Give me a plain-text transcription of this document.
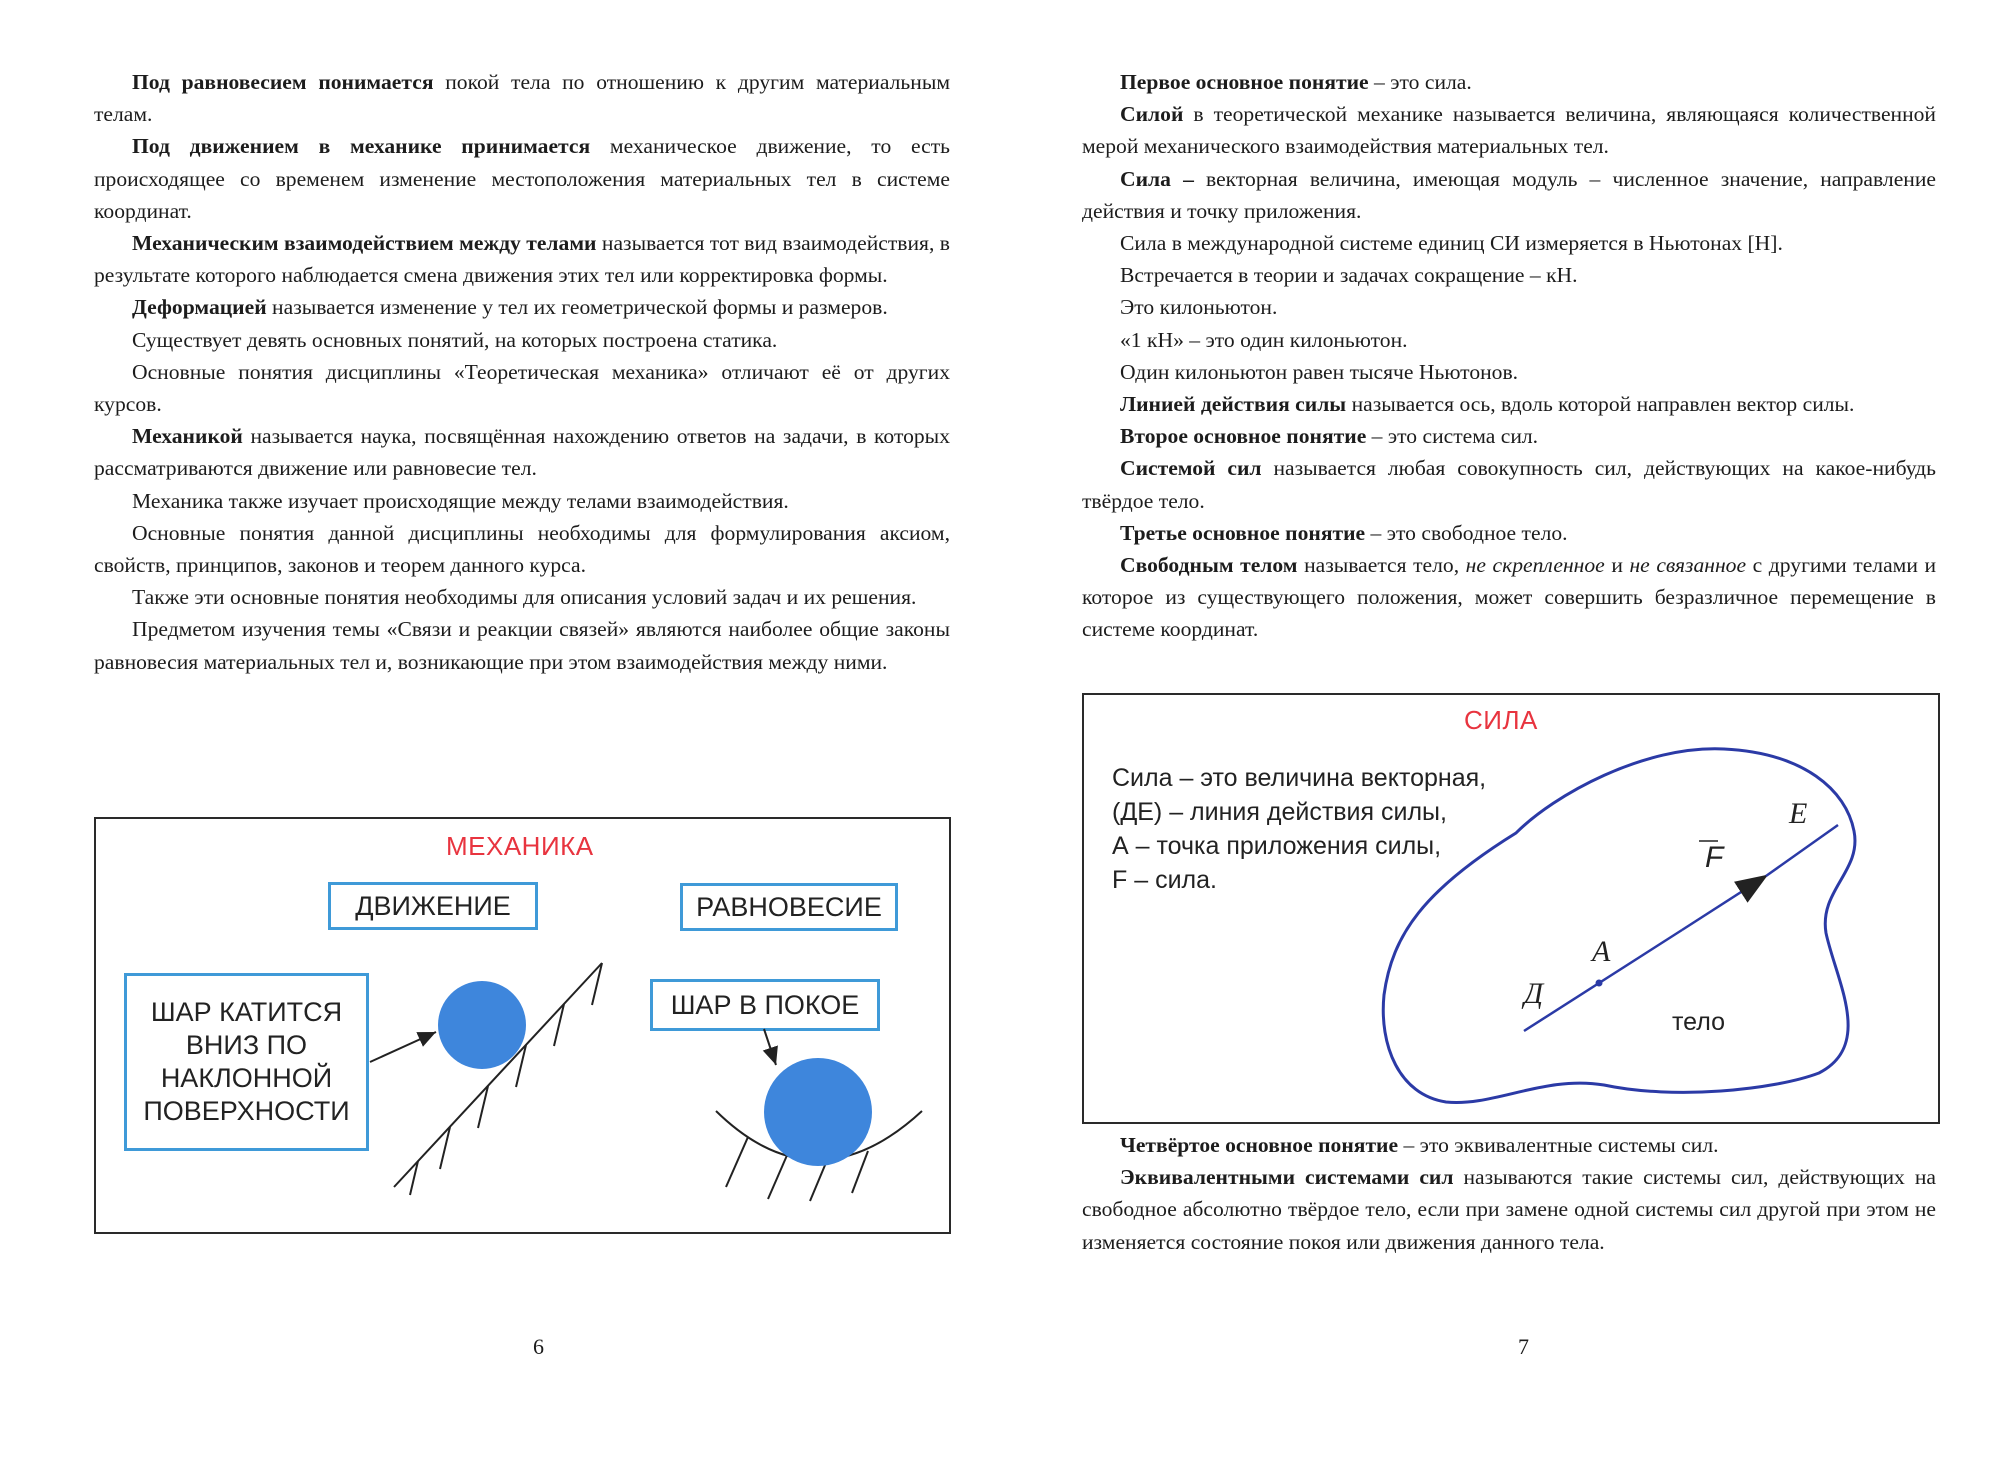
Под равновесием понимается покой тела по отношению к другим материальным телам.

Под движением в механике принимается механическое движение, то есть происходящее со временем изменение местоположения материальных тел в системе координат.

Механическим взаимодействием между телами называется тот вид взаимодействия, в результате которого наблюдается смена движения этих тел или корректировка формы.

Деформацией называется изменение у тел их геометрической формы и размеров.

Существует девять основных понятий, на которых построена статика.

Основные понятия дисциплины «Теоретическая механика» отличают её от других курсов.

Механикой называется наука, посвящённая нахождению ответов на задачи, в которых рассматриваются движение или равновесие тел.

Механика также изучает происходящие между телами взаимодействия.

Основные понятия данной дисциплины необходимы для формулирования аксиом, свойств, принципов, законов и теорем данного курса.

Также эти основные понятия необходимы для описания условий задач и их решения.

Предметом изучения темы «Связи и реакции связей» являются наиболее общие законы равновесия материальных тел и, возникающие при этом взаимодействия между ними.

МЕХАНИКА
ДВИЖЕНИЕ	РАВНОВЕСИЕ
ШАР КАТИТСЯ ВНИЗ ПО НАКЛОННОЙ ПОВЕРХНОСТИ
ШАР В ПОКОЕ
6

Первое основное понятие – это сила.

Силой в теоретической механике называется величина, являющаяся количественной мерой механического взаимодействия материальных тел.

Сила – векторная величина, имеющая модуль – численное значение, направление действия и точку приложения.

Сила в международной системе единиц СИ измеряется в Ньютонах [Н].

Встречается в теории и задачах сокращение – кН.

Это килоньютон.

«1 кН» – это один килоньютон.

Один килоньютон равен тысяче Ньютонов.

Линией действия силы называется ось, вдоль которой направлен вектор силы.

Второе основное понятие – это система сил.

Системой сил называется любая совокупность сил, действующих на какое-нибудь твёрдое тело.

Третье основное понятие – это свободное тело.

Свободным телом называется тело, не скрепленное и не связанное с другими телами и которое из существующего положения, может совершить безразличное перемещение в системе координат.

F
E
A
Д
тело
СИЛА
Сила – это величина векторная,
(ДЕ) – линия действия силы,
А – точка приложения силы,
F – сила.

Четвёртое основное понятие – это эквивалентные системы сил.

Эквивалентными системами сил называются такие системы сил, действующих на свободное абсолютно твёрдое тело, если при замене одной системы сил другой при этом не изменяется состояние покоя или движения данного тела.

7
